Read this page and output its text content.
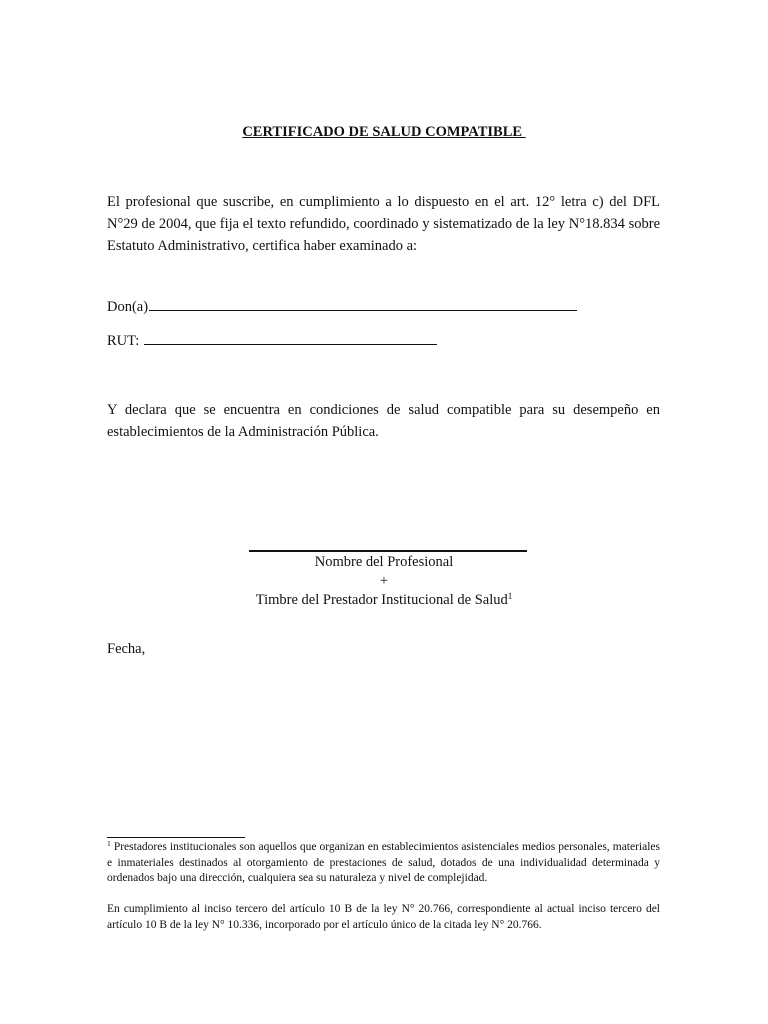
CERTIFICADO DE SALUD COMPATIBLE
El profesional que suscribe, en cumplimiento a lo dispuesto en el art. 12° letra c) del DFL N°29 de 2004, que fija el texto refundido, coordinado y sistematizado de la ley N°18.834 sobre Estatuto Administrativo, certifica haber examinado a:
Don(a)
RUT:
Y declara que se encuentra en condiciones de salud compatible para su desempeño en establecimientos de la Administración Pública.
Nombre del Profesional
+
Timbre del Prestador Institucional de Salud$^1$
Fecha,
$^1$ Prestadores institucionales son aquellos que organizan en establecimientos asistenciales medios personales, materiales e inmateriales destinados al otorgamiento de prestaciones de salud, dotados de una individualidad determinada y ordenados bajo una dirección, cualquiera sea su naturaleza y nivel de complejidad.
En cumplimiento al inciso tercero del artículo 10 B de la ley N° 20.766, correspondiente al actual inciso tercero del artículo 10 B de la ley N° 10.336, incorporado por el artículo único de la citada ley N° 20.766.
